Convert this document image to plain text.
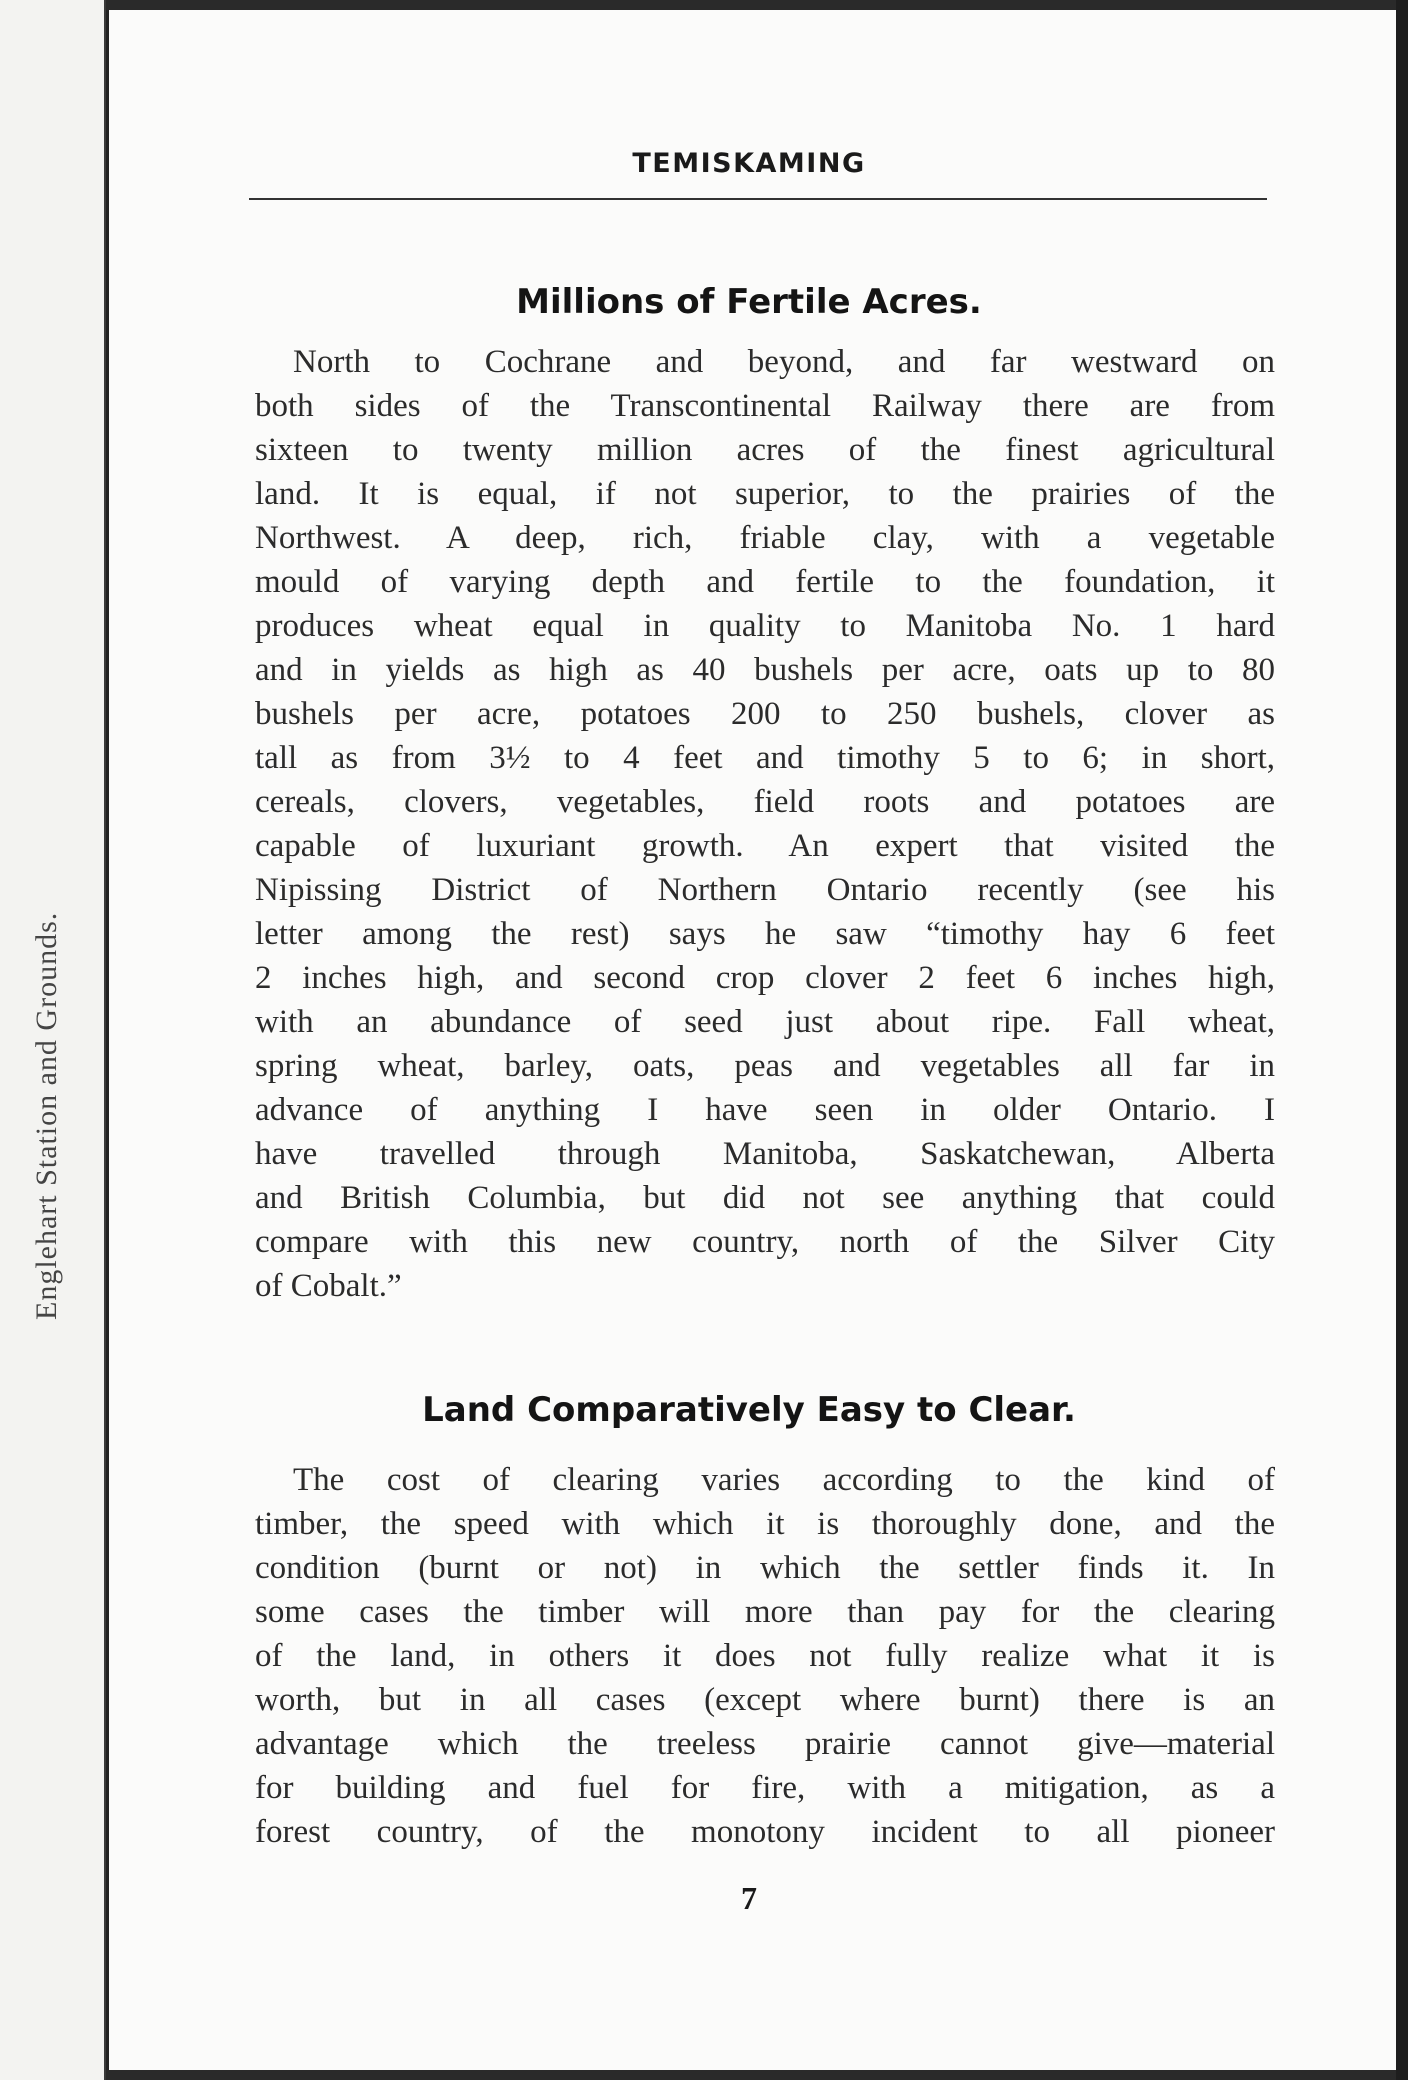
Englehart Station and Grounds.
TEMISKAMING
Millions of Fertile Acres.
North to Cochrane and beyond, and far westward on
both sides of the Transcontinental Railway there are from
sixteen to twenty million acres of the finest agricultural
land. It is equal, if not superior, to the prairies of the
Northwest. A deep, rich, friable clay, with a vegetable
mould of varying depth and fertile to the foundation, it
produces wheat equal in quality to Manitoba No. 1 hard
and in yields as high as 40 bushels per acre, oats up to 80
bushels per acre, potatoes 200 to 250 bushels, clover as
tall as from 3½ to 4 feet and timothy 5 to 6; in short,
cereals, clovers, vegetables, field roots and potatoes are
capable of luxuriant growth. An expert that visited the
Nipissing District of Northern Ontario recently (see his
letter among the rest) says he saw “timothy hay 6 feet
2 inches high, and second crop clover 2 feet 6 inches high,
with an abundance of seed just about ripe. Fall wheat,
spring wheat, barley, oats, peas and vegetables all far in
advance of anything I have seen in older Ontario. I
have travelled through Manitoba, Saskatchewan, Alberta
and British Columbia, but did not see anything that could
compare with this new country, north of the Silver City
of Cobalt.”
Land Comparatively Easy to Clear.
The cost of clearing varies according to the kind of
timber, the speed with which it is thoroughly done, and the
condition (burnt or not) in which the settler finds it. In
some cases the timber will more than pay for the clearing
of the land, in others it does not fully realize what it is
worth, but in all cases (except where burnt) there is an
advantage which the treeless prairie cannot give—material
for building and fuel for fire, with a mitigation, as a
forest country, of the monotony incident to all pioneer
7
